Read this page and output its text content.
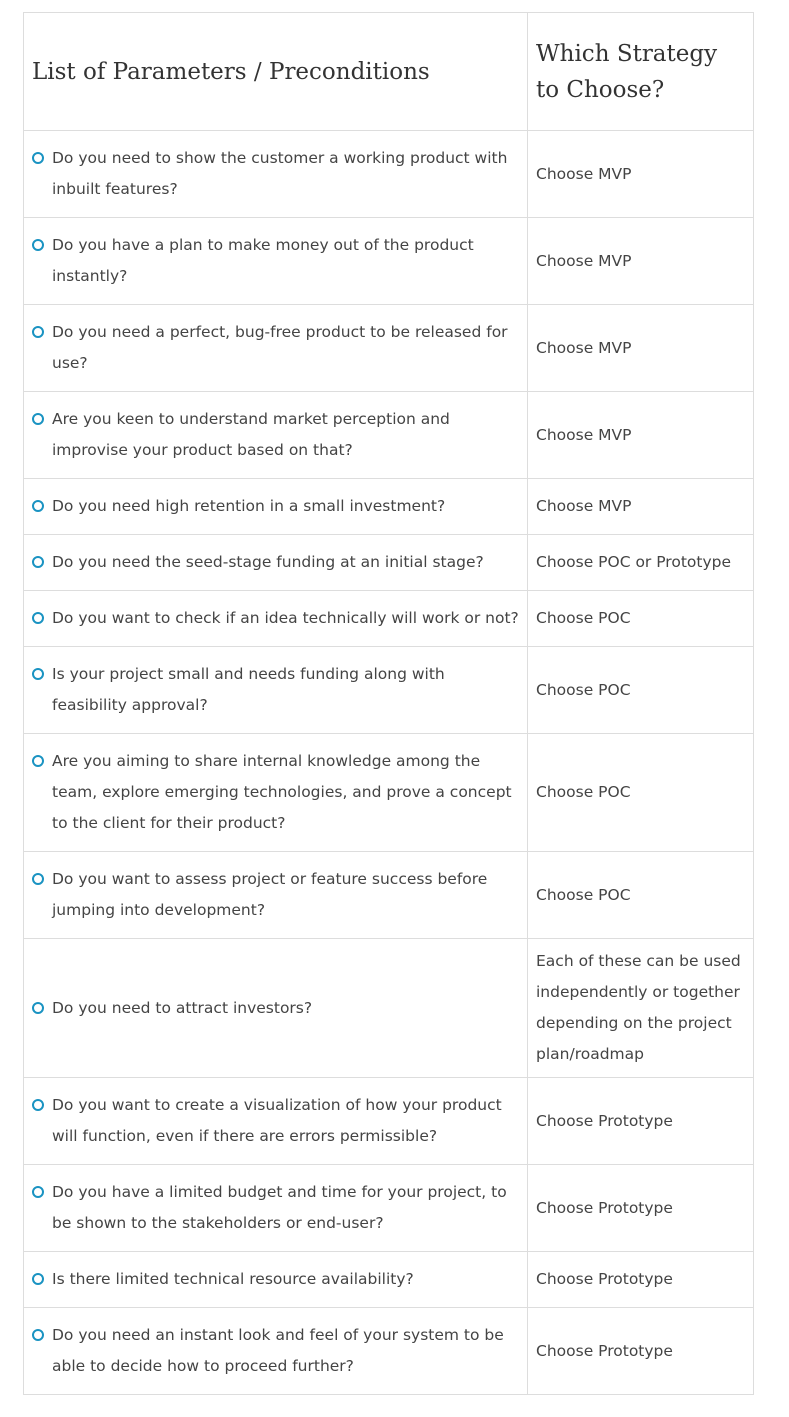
List of Parameters / Preconditions	Which Strategy to Choose?

Do you need to show the customer a working product with inbuilt features?	Choose MVP

Do you have a plan to make money out of the product instantly?	Choose MVP

Do you need a perfect, bug-free product to be released for use?	Choose MVP

Are you keen to understand market perception and improvise your product based on that?	Choose MVP

Do you need high retention in a small investment?	Choose MVP

Do you need the seed-stage funding at an initial stage?	Choose POC or Prototype

Do you want to check if an idea technically will work or not?	Choose POC

Is your project small and needs funding along with feasibility approval?	Choose POC

Are you aiming to share internal knowledge among the team, explore emerging technologies, and prove a concept to the client for their product?	Choose POC

Do you want to assess project or feature success before jumping into development?	Choose POC

Do you need to attract investors?	Each of these can be used independently or together depending on the project plan/roadmap

Do you want to create a visualization of how your product will function, even if there are errors permissible?	Choose Prototype

Do you have a limited budget and time for your project, to be shown to the stakeholders or end-user?	Choose Prototype

Is there limited technical resource availability?	Choose Prototype

Do you need an instant look and feel of your system to be able to decide how to proceed further?	Choose Prototype
